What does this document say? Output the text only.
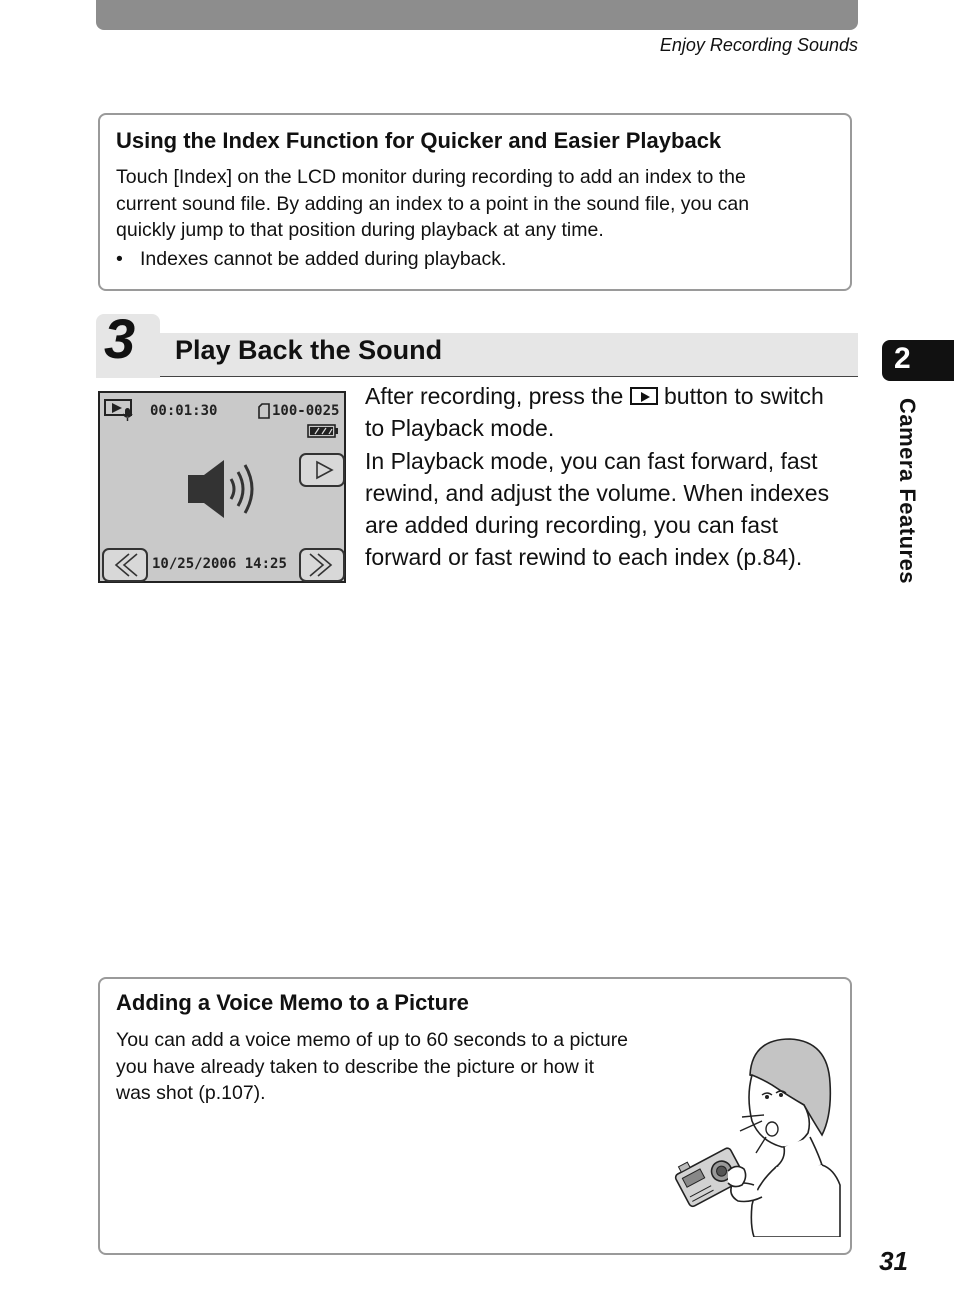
Enjoy Recording Sounds
Using the Index Function for Quicker and Easier Playback
Touch [Index] on the LCD monitor during recording to add an index to the
current sound file. By adding an index to a point in the sound file, you can
quickly jump to that position during playback at any time.
• Indexes cannot be added during playback.
3 Play Back the Sound
00:01:30	100-0025
10/25/2006 14:25
After recording, press the button to switch
to Playback mode.
In Playback mode, you can fast forward, fast
rewind, and adjust the volume. When indexes
are added during recording, you can fast
forward or fast rewind to each index (p.84).
2
Camera Features
Adding a Voice Memo to a Picture
You can add a voice memo of up to 60 seconds to a picture
you have already taken to describe the picture or how it
was shot (p.107).
31
